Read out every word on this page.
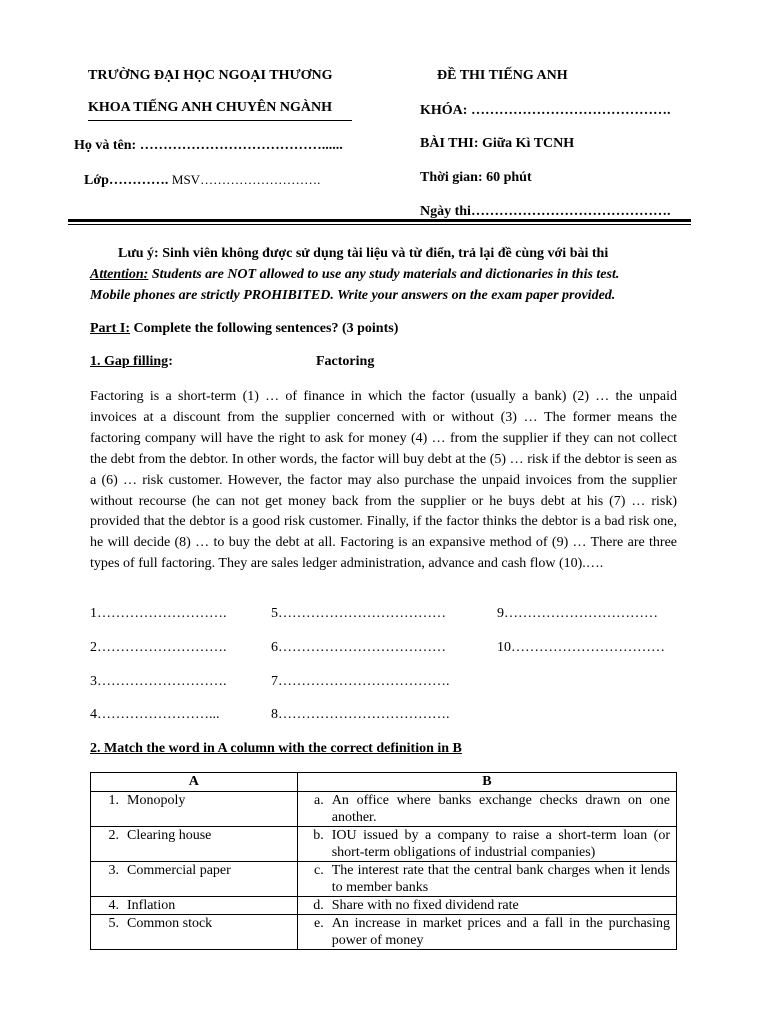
TRƯỜNG ĐẠI HỌC NGOẠI THƯƠNG
KHOA TIẾNG ANH CHUYÊN NGÀNH
Họ và tên: …………………………………......
Lớp…………. MSV……………………….
ĐỀ THI TIẾNG ANH
KHÓA: …………………………………….
BÀI THI: Giữa Kì TCNH
Thời gian: 60 phút
Ngày thi…………………………………….
Lưu ý: Sinh viên không được sử dụng tài liệu và từ điển, trả lại đề cùng với bài thi
Attention: Students are NOT allowed to use any study materials and dictionaries in this test.
Mobile phones are strictly PROHIBITED. Write your answers on the exam paper provided.
Part I: Complete the following sentences? (3 points)
1. Gap filling:	Factoring
Factoring is a short-term (1) … of finance in which the factor (usually a bank) (2) … the unpaid invoices at a discount from the supplier concerned with or without (3) … The former means the factoring company will have the right to ask for money (4) … from the supplier if they can not collect the debt from the debtor. In other words, the factor will buy debt at the (5) … risk if the debtor is seen as a (6) … risk customer. However, the factor may also purchase the unpaid invoices from the supplier without recourse (he can not get money back from the supplier or he buys debt at his (7) … risk) provided that the debtor is a good risk customer. Finally, if the factor thinks the debtor is a bad risk one, he will decide (8) … to buy the debt at all. Factoring is an expansive method of (9) … There are three types of full factoring. They are sales ledger administration, advance and cash flow (10).….
1……………………….	5………………………………	9……………………………
2……………………….	6………………………………	10……………………………
3……………………….	7……………………………….
4……………………...	8……………………………….
2. Match the word in A column with the correct definition in B
A	B

1. Monopoly	a. An office where banks exchange checks drawn on one another.

2. Clearing house	b. IOU issued by a company to raise a short-term loan (or short-term obligations of industrial companies)

3. Commercial paper	c. The interest rate that the central bank charges when it lends to member banks

4. Inflation	d. Share with no fixed dividend rate

5. Common stock	e. An increase in market prices and a fall in the purchasing power of money
